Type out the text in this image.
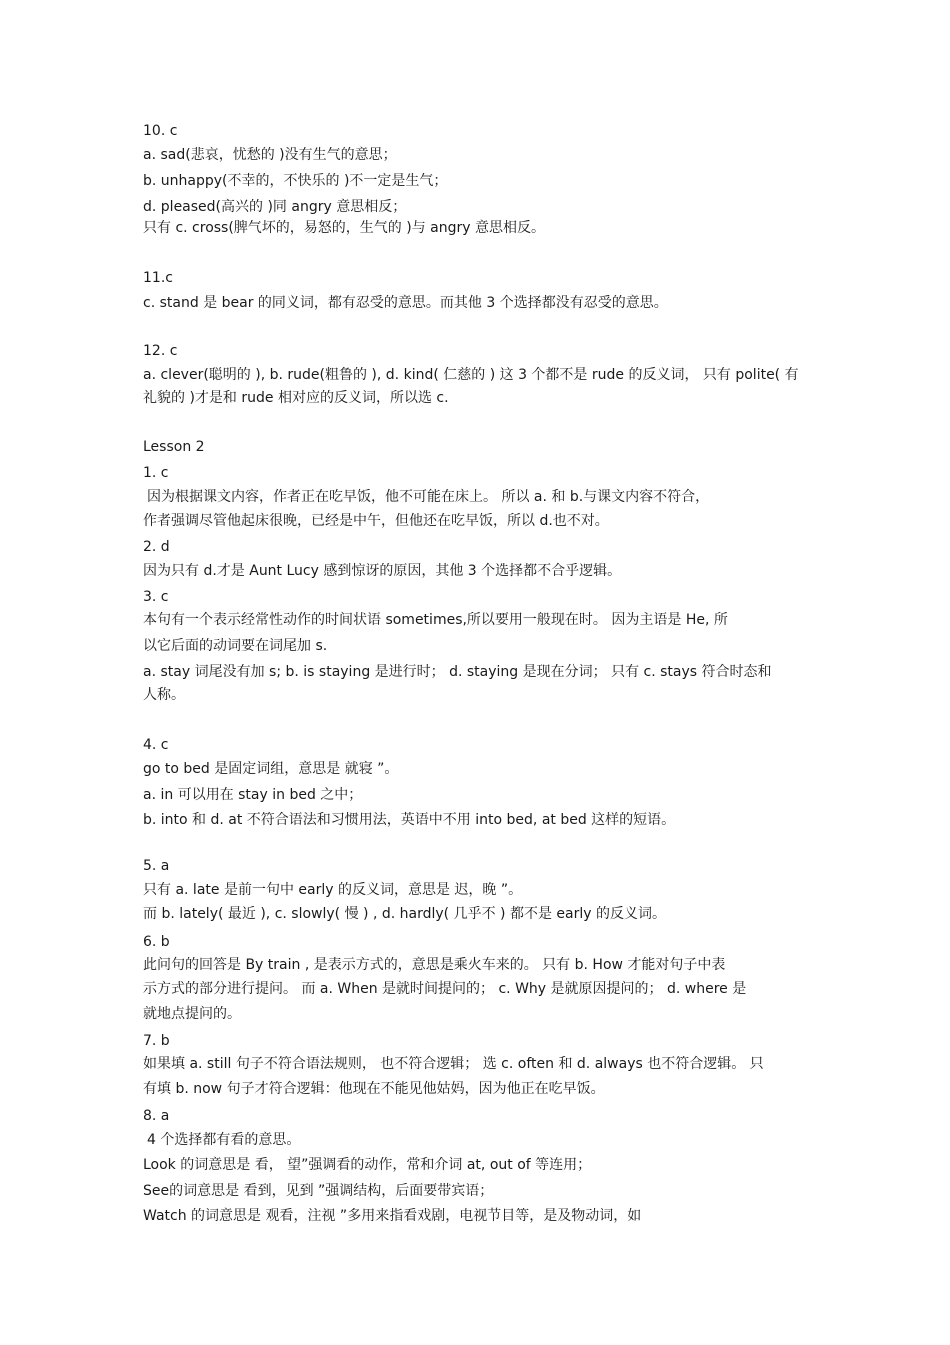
10. c
a. sad(悲哀，忧愁的 )没有生气的意思；
b. unhappy(不幸的，不快乐的 )不一定是生气；
d. pleased(高兴的 )同 angry 意思相反；
只有 c. cross(脾气坏的，易怒的，生气的 )与 angry 意思相反。
11.c
c. stand 是 bear 的同义词，都有忍受的意思。而其他 3 个选择都没有忍受的意思。
12. c
a. clever(聪明的 ), b. rude(粗鲁的 ), d. kind( 仁慈的 ) 这 3 个都不是 rude 的反义词， 只有 polite( 有
礼貌的 )才是和 rude 相对应的反义词，所以选 c.
Lesson 2
1. c
因为根据课文内容，作者正在吃早饭，他不可能在床上。 所以 a. 和 b.与课文内容不符合，
作者强调尽管他起床很晚，已经是中午，但他还在吃早饭，所以 d.也不对。
2. d
因为只有 d.才是 Aunt Lucy 感到惊讶的原因，其他 3 个选择都不合乎逻辑。
3. c
本句有一个表示经常性动作的时间状语 sometimes,所以要用一般现在时。 因为主语是 He, 所
以它后面的动词要在词尾加 s.
a. stay 词尾没有加 s; b. is staying 是进行时； d. staying 是现在分词； 只有 c. stays 符合时态和
人称。
4. c
go to bed 是固定词组，意思是 就寝 ”。
a. in 可以用在 stay in bed 之中；
b. into 和 d. at 不符合语法和习惯用法，英语中不用 into bed, at bed 这样的短语。
5. a
只有 a. late 是前一句中 early 的反义词，意思是 迟，晚 ”。
而 b. lately( 最近 ), c. slowly( 慢 ) , d. hardly( 几乎不 ) 都不是 early 的反义词。
6. b
此问句的回答是 By train , 是表示方式的，意思是乘火车来的。 只有 b. How 才能对句子中表
示方式的部分进行提问。 而 a. When 是就时间提问的； c. Why 是就原因提问的； d. where 是
就地点提问的。
7. b
如果填 a. still 句子不符合语法规则， 也不符合逻辑； 选 c. often 和 d. always 也不符合逻辑。 只
有填 b. now 句子才符合逻辑：他现在不能见他姑妈，因为他正在吃早饭。
8. a
4 个选择都有看的意思。
Look 的词意思是 看， 望”强调看的动作，常和介词 at, out of 等连用；
See的词意思是 看到，见到 ”强调结构，后面要带宾语；
Watch 的词意思是 观看，注视 ”多用来指看戏剧，电视节目等，是及物动词，如
